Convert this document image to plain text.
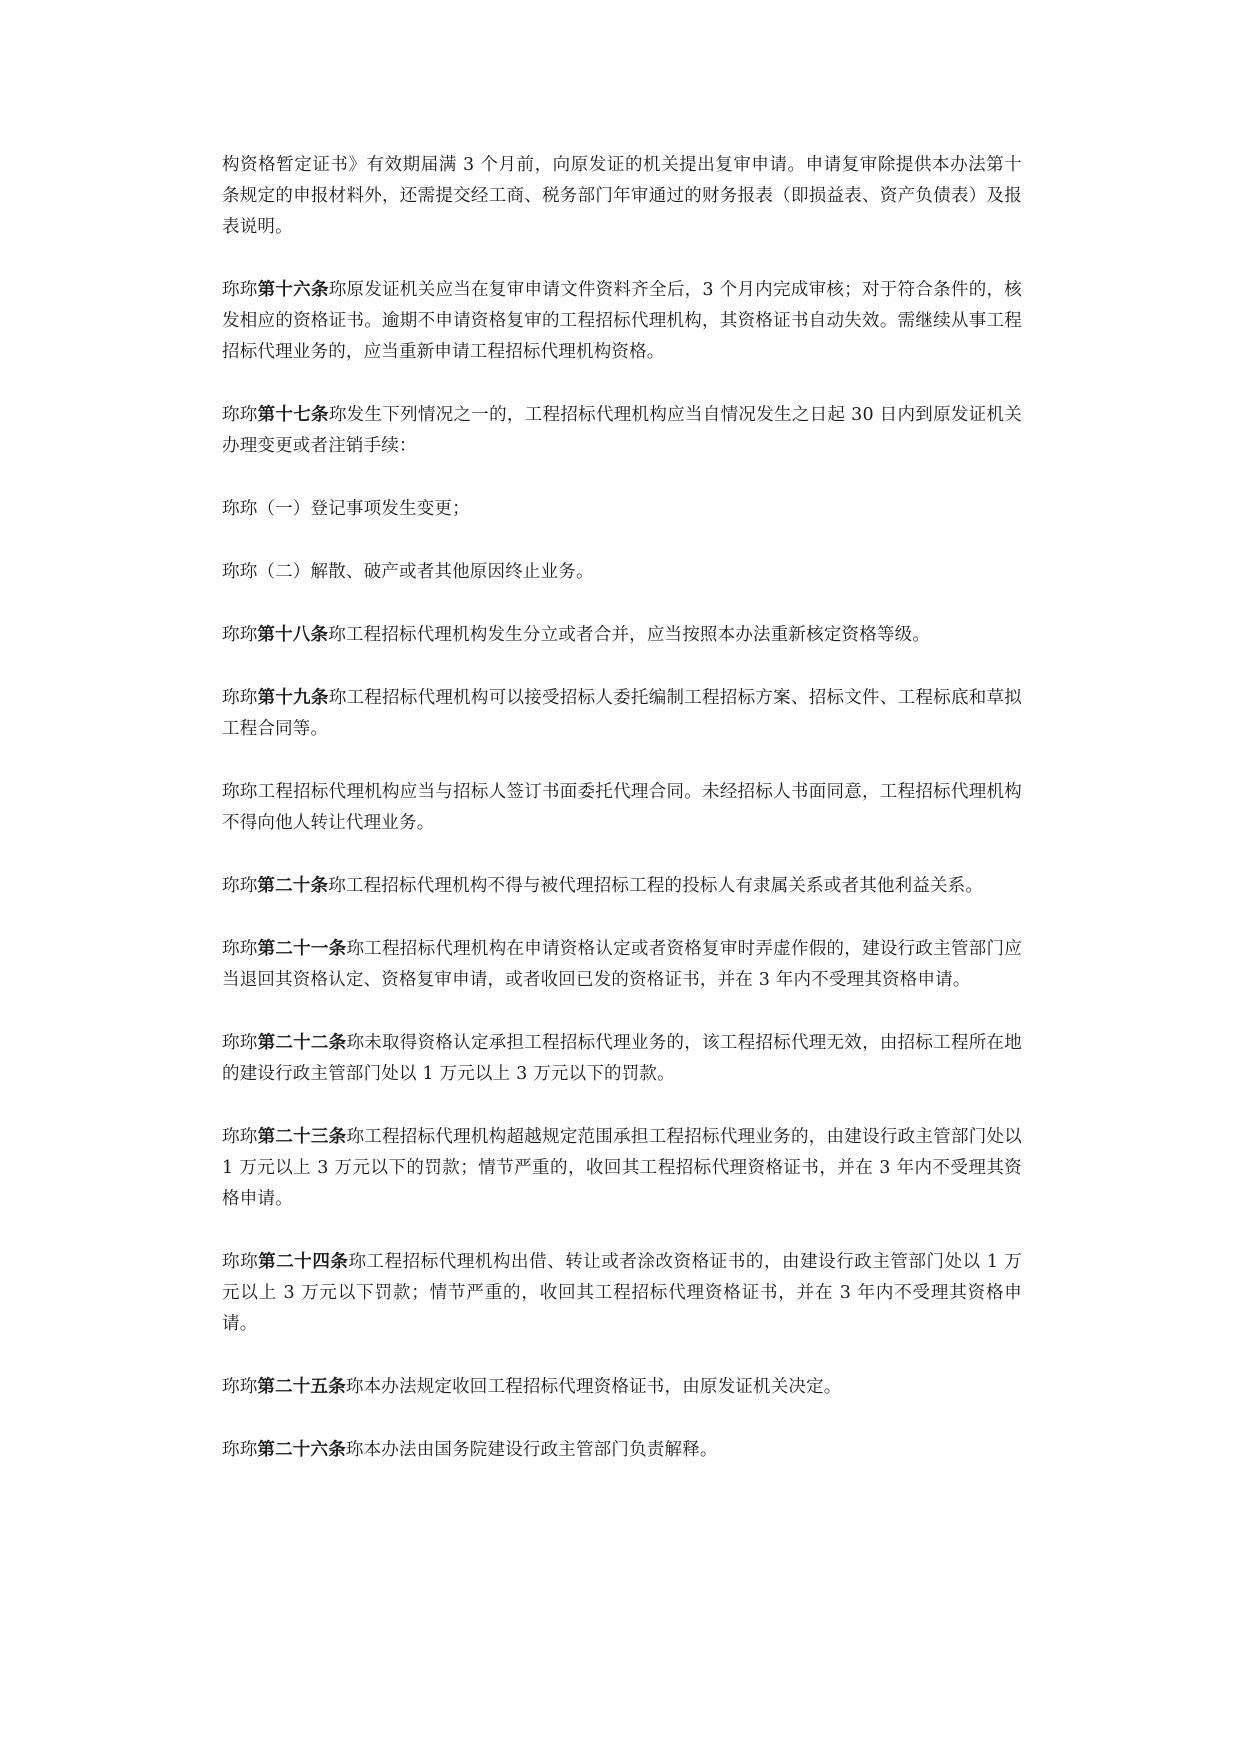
构资格暂定证书》有效期届满 3 个月前，向原发证的机关提出复审申请。申请复审除提供本办法第十条规定的申报材料外，还需提交经工商、税务部门年审通过的财务报表（即损益表、资产负债表）及报表说明。

珎珎第十六条珎原发证机关应当在复审申请文件资料齐全后，3 个月内完成审核；对于符合条件的，核发相应的资格证书。逾期不申请资格复审的工程招标代理机构，其资格证书自动失效。需继续从事工程招标代理业务的，应当重新申请工程招标代理机构资格。

珎珎第十七条珎发生下列情况之一的，工程招标代理机构应当自情况发生之日起 30 日内到原发证机关办理变更或者注销手续：

珎珎（一）登记事项发生变更；

珎珎（二）解散、破产或者其他原因终止业务。

珎珎第十八条珎工程招标代理机构发生分立或者合并，应当按照本办法重新核定资格等级。

珎珎第十九条珎工程招标代理机构可以接受招标人委托编制工程招标方案、招标文件、工程标底和草拟工程合同等。

珎珎工程招标代理机构应当与招标人签订书面委托代理合同。未经招标人书面同意，工程招标代理机构不得向他人转让代理业务。

珎珎第二十条珎工程招标代理机构不得与被代理招标工程的投标人有隶属关系或者其他利益关系。

珎珎第二十一条珎工程招标代理机构在申请资格认定或者资格复审时弄虚作假的，建设行政主管部门应当退回其资格认定、资格复审申请，或者收回已发的资格证书，并在 3 年内不受理其资格申请。

珎珎第二十二条珎未取得资格认定承担工程招标代理业务的，该工程招标代理无效，由招标工程所在地的建设行政主管部门处以 1 万元以上 3 万元以下的罚款。

珎珎第二十三条珎工程招标代理机构超越规定范围承担工程招标代理业务的，由建设行政主管部门处以 1 万元以上 3 万元以下的罚款；情节严重的，收回其工程招标代理资格证书，并在 3 年内不受理其资格申请。

珎珎第二十四条珎工程招标代理机构出借、转让或者涂改资格证书的，由建设行政主管部门处以 1 万元以上 3 万元以下罚款；情节严重的，收回其工程招标代理资格证书，并在 3 年内不受理其资格申请。

珎珎第二十五条珎本办法规定收回工程招标代理资格证书，由原发证机关决定。

珎珎第二十六条珎本办法由国务院建设行政主管部门负责解释。
